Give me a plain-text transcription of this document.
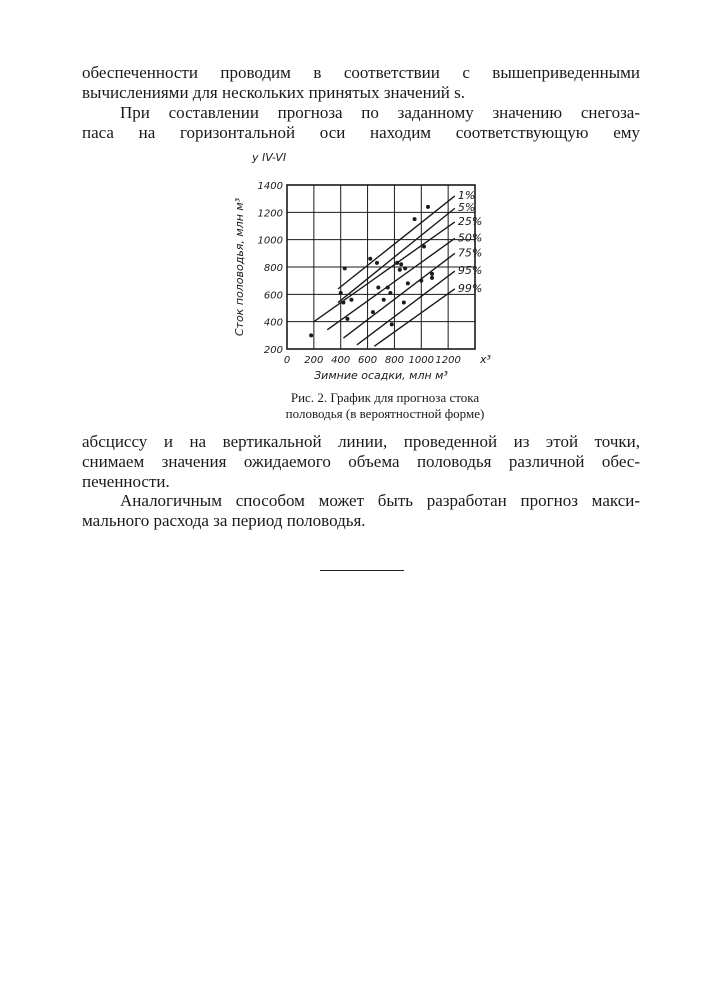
обеспеченности проводим в соответствии с вышеприведенными
вычислениями для нескольких принятых значений s.

При составлении прогноза по заданному значению снегоза-
паса на горизонтальной оси находим соответствующую ему

0 200 400 600 800 1000 1200
200
400
600
800
1000
1200
1400
1%
5%
25%
50%
75%
95%
99%
y IV-VI
x³
Зимние осадки, млн м³
Сток половодья, млн м³
Рис. 2. График для прогноза стока
половодья (в вероятностной форме)

абсциссу и на вертикальной линии, проведенной из этой точки,
снимаем значения ожидаемого объема половодья различной обес-
печенности.

Аналогичным способом может быть разработан прогноз макси-
мального расхода за период половодья.
